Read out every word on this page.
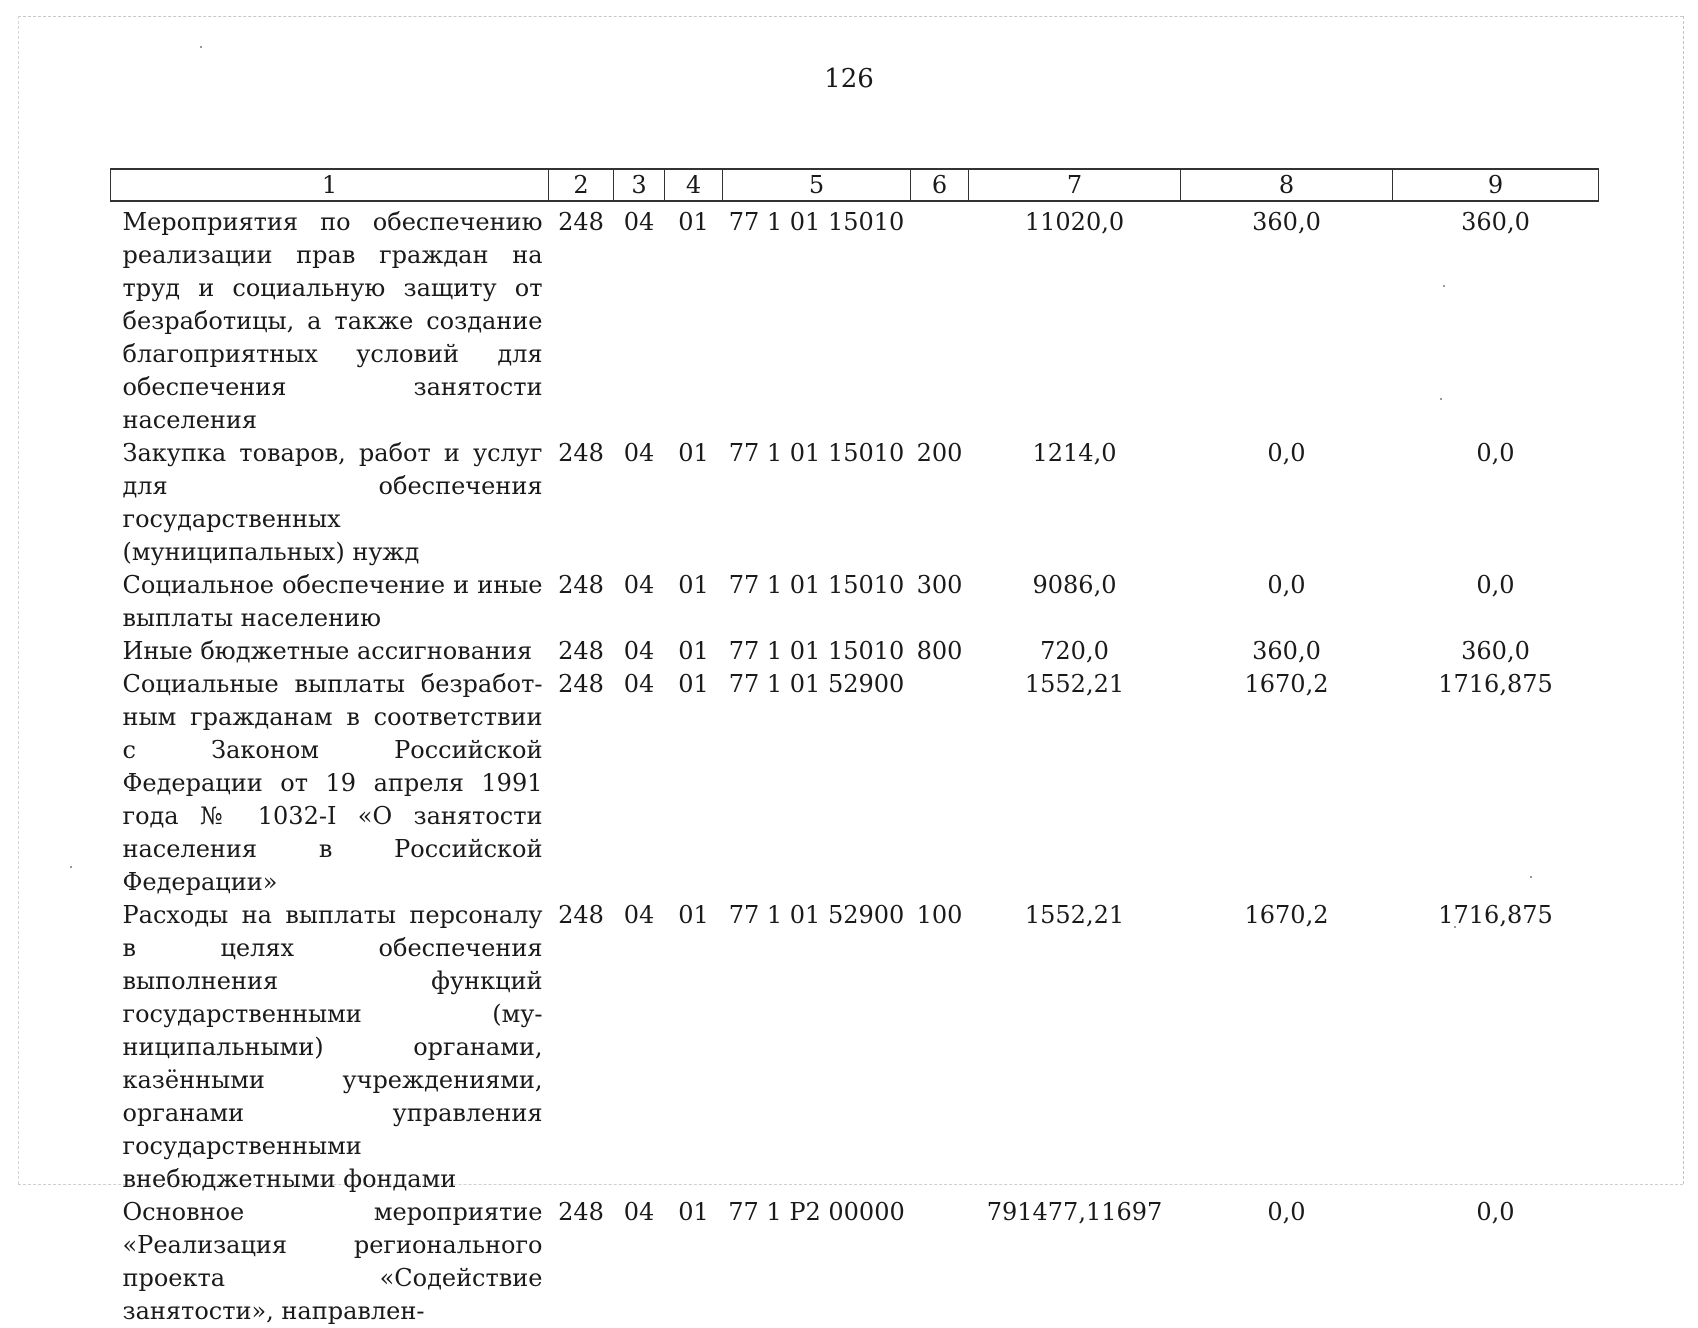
126
1	2	3	4	5	6	7	8	9
Мероприятия по обеспечению реализации прав граждан на труд и социальную защиту от безработицы, а также создание благоприятных условий для обеспечения занятости населения	248	04	01	77 1 01 15010		11020,0	360,0	360,0
Закупка товаров, работ и услуг для обеспечения государственных (муниципальных) нужд	248	04	01	77 1 01 15010	200	1214,0	0,0	0,0
Социальное обеспечение и иные выплаты населению	248	04	01	77 1 01 15010	300	9086,0	0,0	0,0
Иные бюджетные ассигнования	248	04	01	77 1 01 15010	800	720,0	360,0	360,0
Социальные выплаты безработным гражданам в соответствии с Законом Российской Федерации от 19 апреля 1991 года № 1032-I «О занятости населения в Российской Федерации»	248	04	01	77 1 01 52900		1552,21	1670,2	1716,875
Расходы на выплаты персоналу в целях обеспечения выполнения функций государственными (муниципальными) органами, казёнными учреждениями, органами управления государственными внебюджетными фондами	248	04	01	77 1 01 52900	100	1552,21	1670,2	1716,875
Основное мероприятие «Реализация регионального проекта «Содействие занятости», направлен-	248	04	01	77 1 Р2 00000		791477,11697	0,0	0,0
